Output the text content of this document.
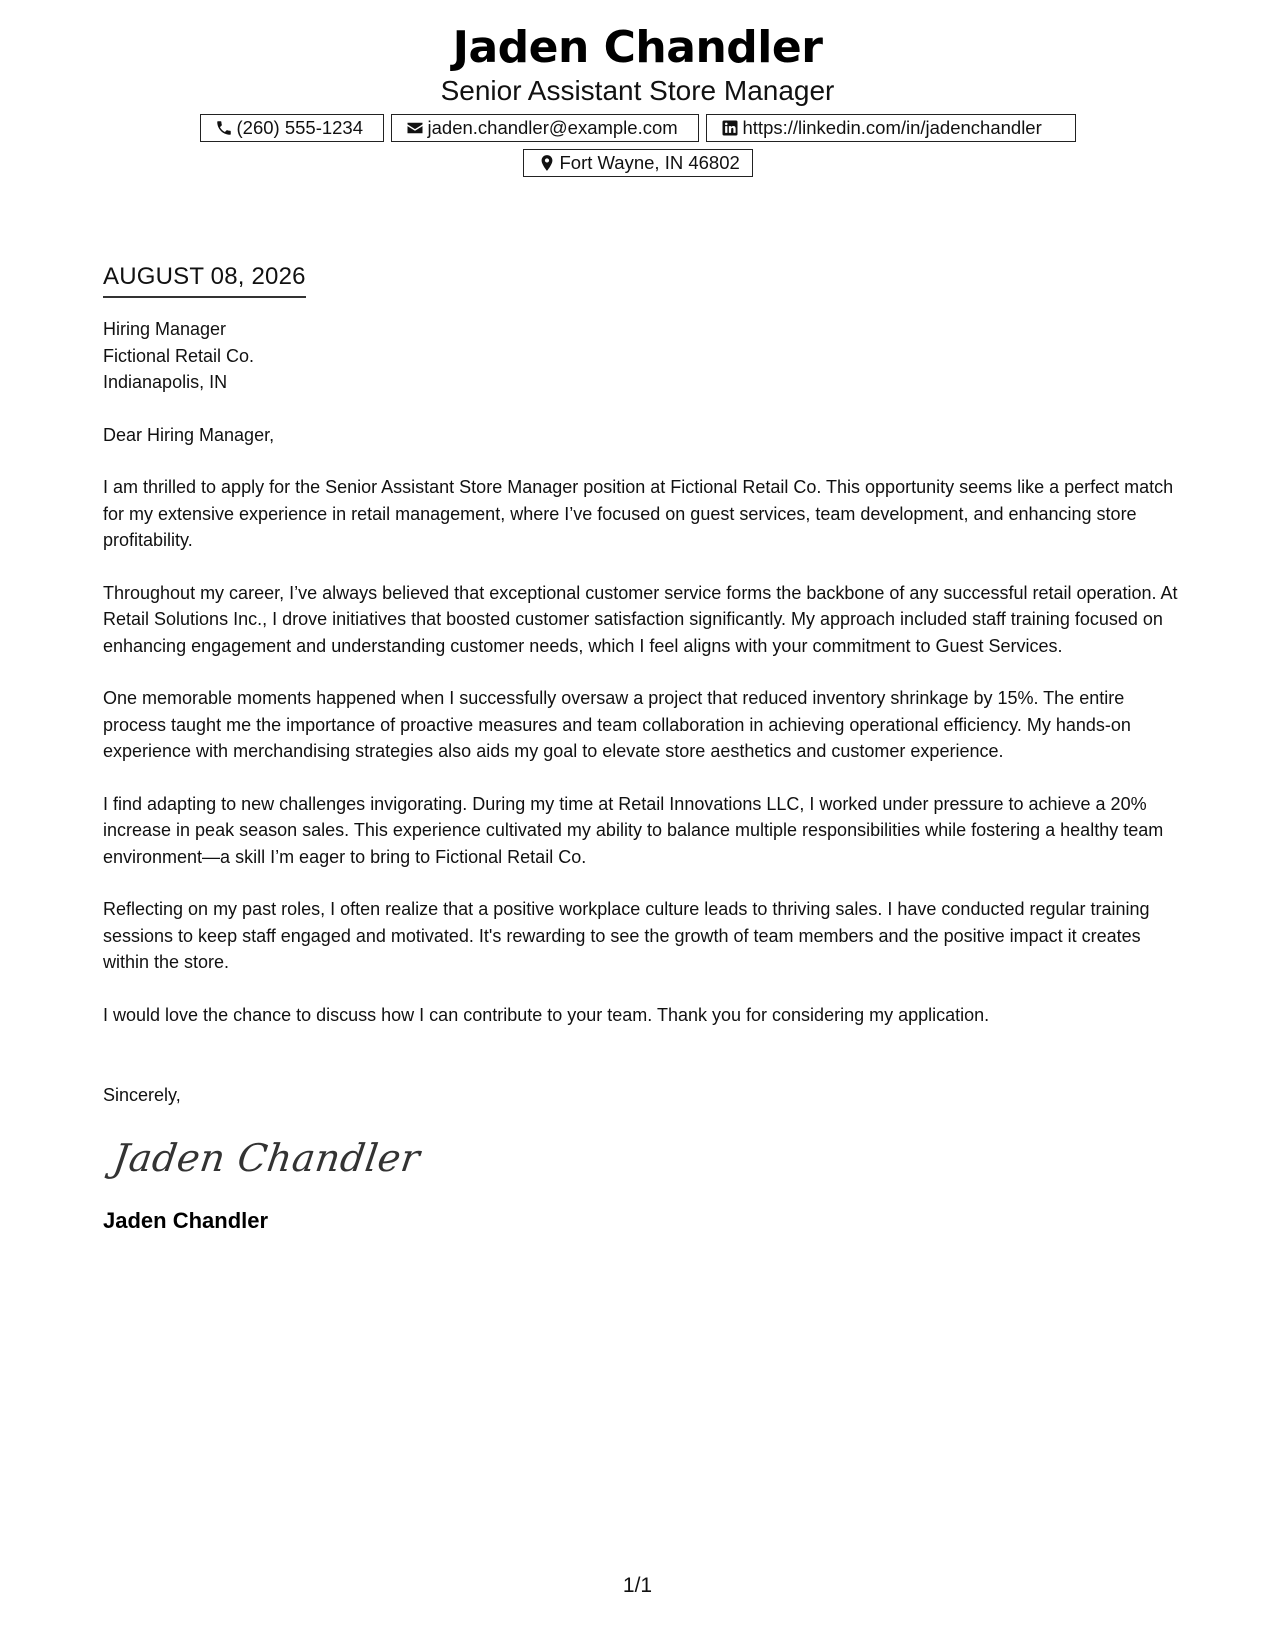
Jaden Chandler
Senior Assistant Store Manager
(260) 555-1234	jaden.chandler@example.com	https://linkedin.com/in/jadenchandler
Fort Wayne, IN 46802
AUGUST 08, 2026
Hiring Manager
Fictional Retail Co.
Indianapolis, IN
Dear Hiring Manager,
I am thrilled to apply for the Senior Assistant Store Manager position at Fictional Retail Co. This opportunity seems like a perfect match for my extensive experience in retail management, where I’ve focused on guest services, team development, and enhancing store profitability.
Throughout my career, I’ve always believed that exceptional customer service forms the backbone of any successful retail operation. At Retail Solutions Inc., I drove initiatives that boosted customer satisfaction significantly. My approach included staff training focused on enhancing engagement and understanding customer needs, which I feel aligns with your commitment to Guest Services.
One memorable moments happened when I successfully oversaw a project that reduced inventory shrinkage by 15%. The entire process taught me the importance of proactive measures and team collaboration in achieving operational efficiency. My hands-on experience with merchandising strategies also aids my goal to elevate store aesthetics and customer experience.
I find adapting to new challenges invigorating. During my time at Retail Innovations LLC, I worked under pressure to achieve a 20% increase in peak season sales. This experience cultivated my ability to balance multiple responsibilities while fostering a healthy team environment—a skill I’m eager to bring to Fictional Retail Co.
Reflecting on my past roles, I often realize that a positive workplace culture leads to thriving sales. I have conducted regular training sessions to keep staff engaged and motivated. It's rewarding to see the growth of team members and the positive impact it creates within the store.
I would love the chance to discuss how I can contribute to your team. Thank you for considering my application.
Sincerely,
Jaden Chandler
Jaden Chandler
1/1
